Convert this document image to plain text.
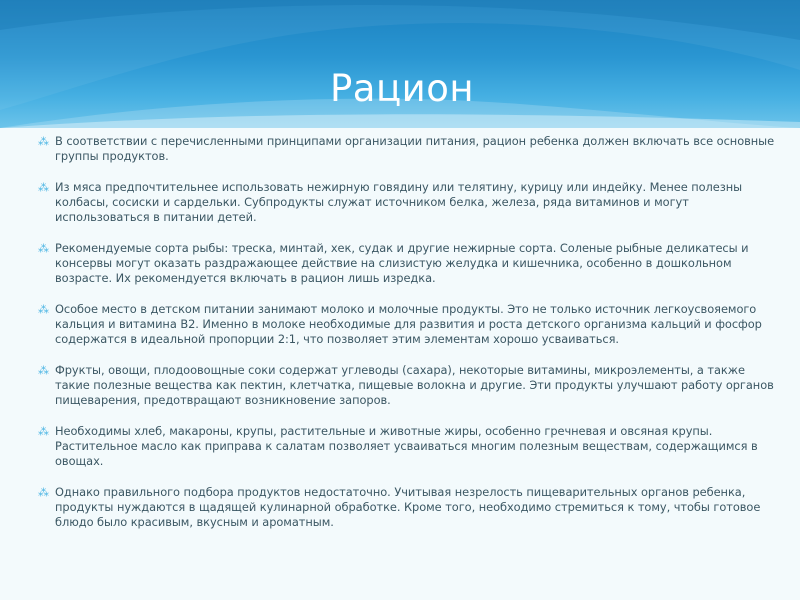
Рацион
⁂ В соответствии с перечисленными принципами организации питания, рацион ребенка должен включать все основные группы продуктов.
⁂ Из мяса предпочтительнее использовать нежирную говядину или телятину, курицу или индейку. Менее полезны колбасы, сосиски и сардельки. Субпродукты служат источником белка, железа, ряда витаминов и могут использоваться в питании детей.
⁂ Рекомендуемые сорта рыбы: треска, минтай, хек, судак и другие нежирные сорта. Соленые рыбные деликатесы и консервы могут оказать раздражающее действие на слизистую желудка и кишечника, особенно в дошкольном возрасте. Их рекомендуется включать в рацион лишь изредка.
⁂ Особое место в детском питании занимают молоко и молочные продукты. Это не только источник легкоусвояемого кальция и витамина В2. Именно в молоке необходимые для развития и роста детского организма кальций и фосфор содержатся в идеальной пропорции 2:1, что позволяет этим элементам хорошо усваиваться.
⁂ Фрукты, овощи, плодоовощные соки содержат углеводы (сахара), некоторые витамины, микроэлементы, а также такие полезные вещества как пектин, клетчатка, пищевые волокна и другие. Эти продукты улучшают работу органов пищеварения, предотвращают возникновение запоров.
⁂ Необходимы хлеб, макароны, крупы, растительные и животные жиры, особенно гречневая и овсяная крупы. Растительное масло как приправа к салатам позволяет усваиваться многим полезным веществам, содержащимся в овощах.
⁂ Однако правильного подбора продуктов недостаточно. Учитывая незрелость пищеварительных органов ребенка, продукты нуждаются в щадящей кулинарной обработке. Кроме того, необходимо стремиться к тому, чтобы готовое блюдо было красивым, вкусным и ароматным.
